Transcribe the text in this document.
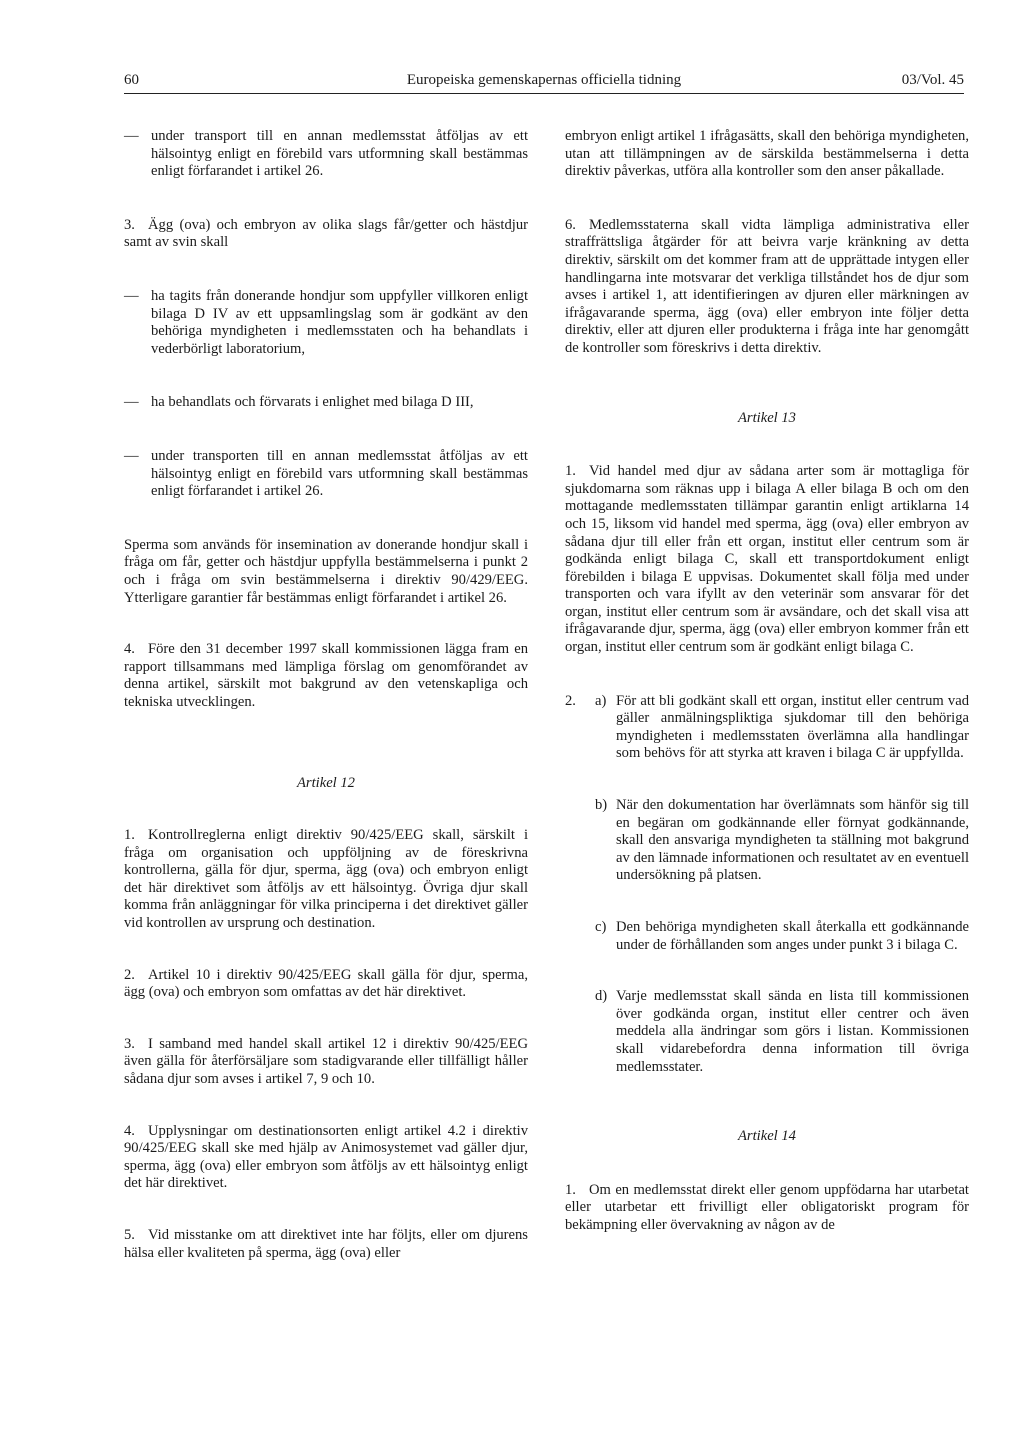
60	Europeiska gemenskapernas officiella tidning	03/Vol. 45

— under transport till en annan medlemsstat åtföljas av ett hälsointyg enligt en förebild vars utformning skall bestämmas enligt förfarandet i artikel 26.

3. Ägg (ova) och embryon av olika slags får/getter och hästdjur samt av svin skall

— ha tagits från donerande hondjur som uppfyller villkoren enligt bilaga D IV av ett uppsamlingslag som är godkänt av den behöriga myndigheten i medlemsstaten och ha behandlats i vederbörligt laboratorium,

— ha behandlats och förvarats i enlighet med bilaga D III,

— under transporten till en annan medlemsstat åtföljas av ett hälsointyg enligt en förebild vars utformning skall bestämmas enligt förfarandet i artikel 26.

Sperma som används för insemination av donerande hondjur skall i fråga om får, getter och hästdjur uppfylla bestämmelserna i punkt 2 och i fråga om svin bestämmelserna i direktiv 90/429/EEG. Ytterligare garantier får bestämmas enligt förfarandet i artikel 26.

4. Före den 31 december 1997 skall kommissionen lägga fram en rapport tillsammans med lämpliga förslag om genomförandet av denna artikel, särskilt mot bakgrund av den vetenskapliga och tekniska utvecklingen.

Artikel 12

1. Kontrollreglerna enligt direktiv 90/425/EEG skall, särskilt i fråga om organisation och uppföljning av de föreskrivna kontrollerna, gälla för djur, sperma, ägg (ova) och embryon enligt det här direktivet som åtföljs av ett hälsointyg. Övriga djur skall komma från anläggningar för vilka principerna i det direktivet gäller vid kontrollen av ursprung och destination.

2. Artikel 10 i direktiv 90/425/EEG skall gälla för djur, sperma, ägg (ova) och embryon som omfattas av det här direktivet.

3. I samband med handel skall artikel 12 i direktiv 90/425/EEG även gälla för återförsäljare som stadigvarande eller tillfälligt håller sådana djur som avses i artikel 7, 9 och 10.

4. Upplysningar om destinationsorten enligt artikel 4.2 i direktiv 90/425/EEG skall ske med hjälp av Animosystemet vad gäller djur, sperma, ägg (ova) eller embryon som åtföljs av ett hälsointyg enligt det här direktivet.

5. Vid misstanke om att direktivet inte har följts, eller om djurens hälsa eller kvaliteten på sperma, ägg (ova) eller

embryon enligt artikel 1 ifrågasätts, skall den behöriga myndigheten, utan att tillämpningen av de särskilda bestämmelserna i detta direktiv påverkas, utföra alla kontroller som den anser påkallade.

6. Medlemsstaterna skall vidta lämpliga administrativa eller straffrättsliga åtgärder för att beivra varje kränkning av detta direktiv, särskilt om det kommer fram att de upprättade intygen eller handlingarna inte motsvarar det verkliga tillståndet hos de djur som avses i artikel 1, att identifieringen av djuren eller märkningen av ifrågavarande sperma, ägg (ova) eller embryon inte följer detta direktiv, eller att djuren eller produkterna i fråga inte har genomgått de kontroller som föreskrivs i detta direktiv.

Artikel 13

1. Vid handel med djur av sådana arter som är mottagliga för sjukdomarna som räknas upp i bilaga A eller bilaga B och om den mottagande medlemsstaten tillämpar garantin enligt artiklarna 14 och 15, liksom vid handel med sperma, ägg (ova) eller embryon av sådana djur till eller från ett organ, institut eller centrum som är godkända enligt bilaga C, skall ett transportdokument enligt förebilden i bilaga E uppvisas. Dokumentet skall följa med under transporten och vara ifyllt av den veterinär som ansvarar för det organ, institut eller centrum som är avsändare, och det skall visa att ifrågavarande djur, sperma, ägg (ova) eller embryon kommer från ett organ, institut eller centrum som är godkänt enligt bilaga C.

2. a) För att bli godkänt skall ett organ, institut eller centrum vad gäller anmälningspliktiga sjukdomar till den behöriga myndigheten i medlemsstaten överlämna alla handlingar som behövs för att styrka att kraven i bilaga C är uppfyllda.

b) När den dokumentation har överlämnats som hänför sig till en begäran om godkännande eller förnyat godkännande, skall den ansvariga myndigheten ta ställning mot bakgrund av den lämnade informationen och resultatet av en eventuell undersökning på platsen.

c) Den behöriga myndigheten skall återkalla ett godkännande under de förhållanden som anges under punkt 3 i bilaga C.

d) Varje medlemsstat skall sända en lista till kommissionen över godkända organ, institut eller centrer och även meddela alla ändringar som görs i listan. Kommissionen skall vidarebefordra denna information till övriga medlemsstater.

Artikel 14

1. Om en medlemsstat direkt eller genom uppfödarna har utarbetat eller utarbetar ett frivilligt eller obligatoriskt program för bekämpning eller övervakning av någon av de
